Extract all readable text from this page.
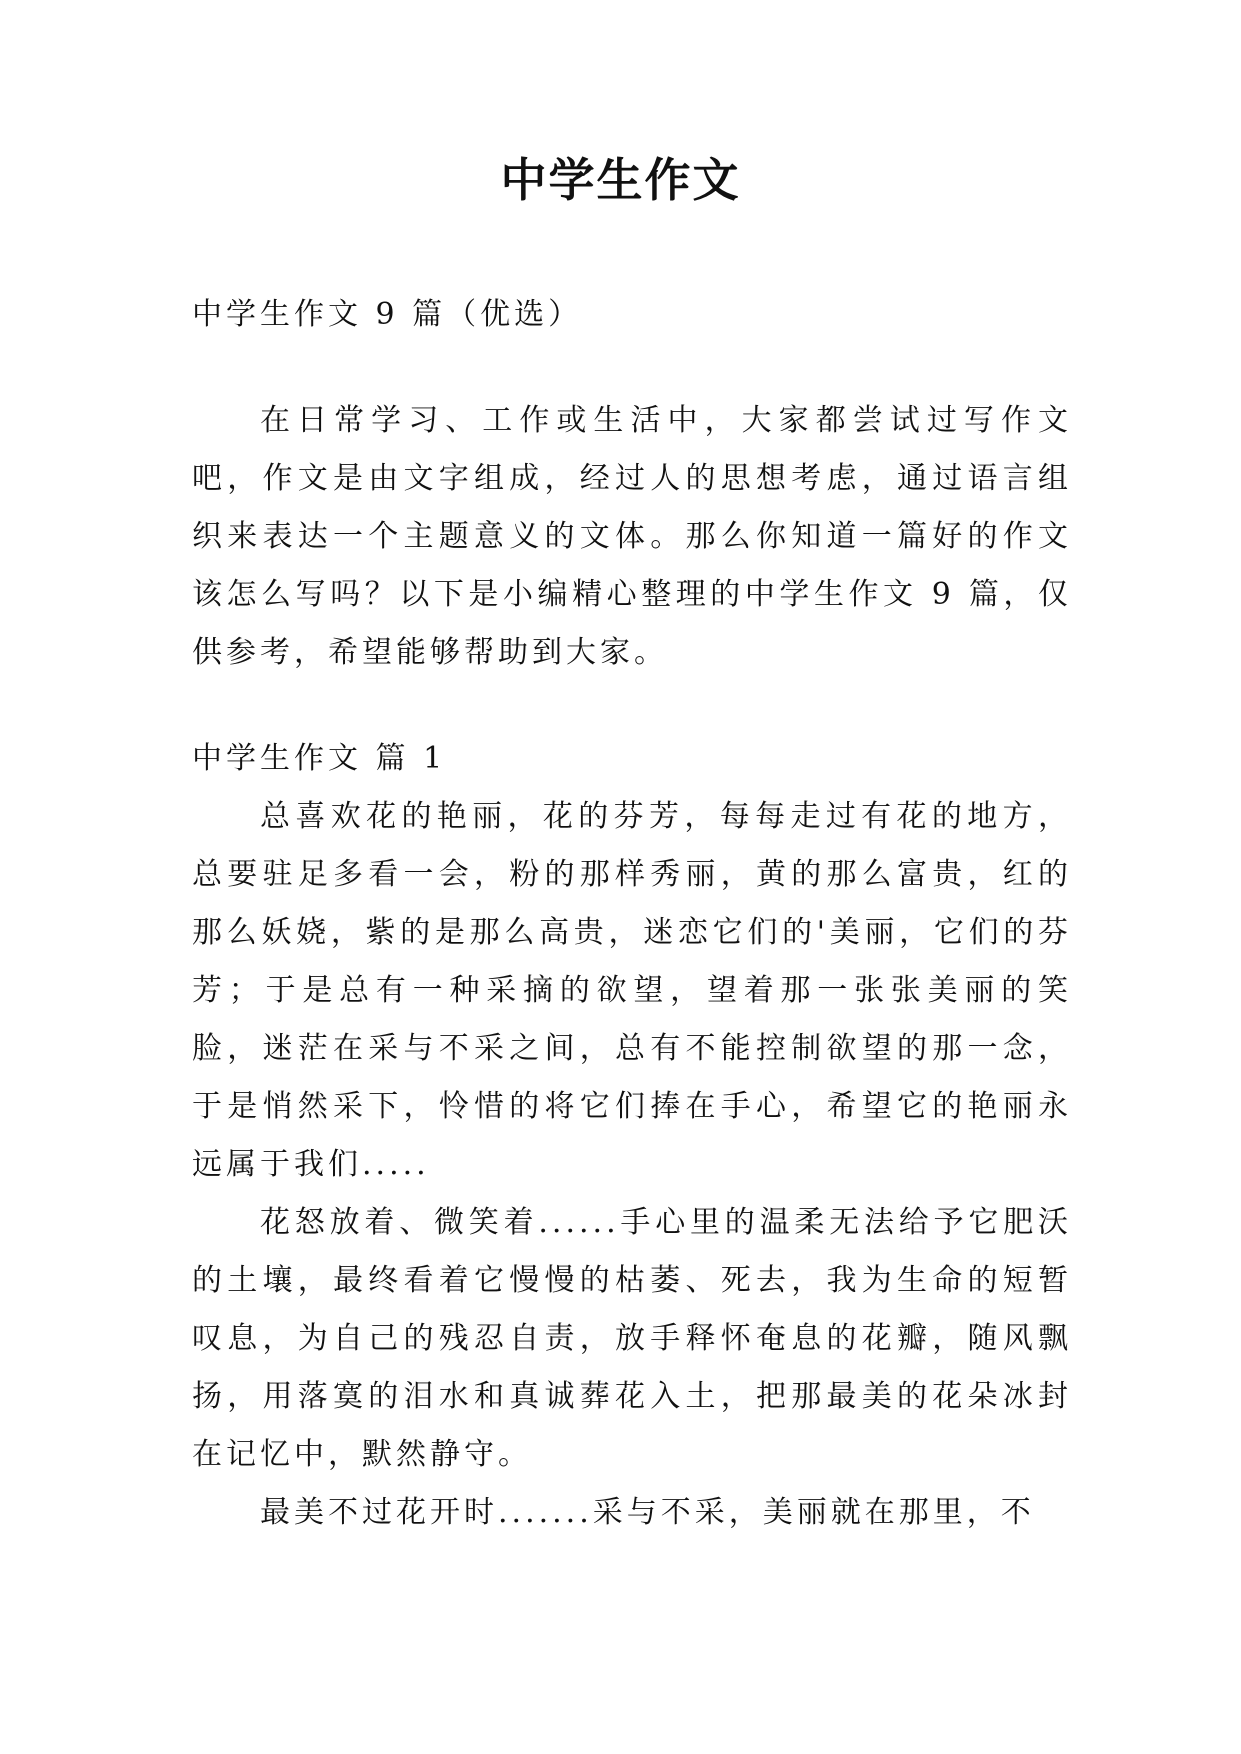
中学生作文

中学生作文 9 篇（优选）

在日常学习、工作或生活中，大家都尝试过写作文吧，作文是由文字组成，经过人的思想考虑，通过语言组织来表达一个主题意义的文体。那么你知道一篇好的作文该怎么写吗？以下是小编精心整理的中学生作文 9 篇，仅供参考，希望能够帮助到大家。

中学生作文 篇 1

总喜欢花的艳丽，花的芬芳，每每走过有花的地方，总要驻足多看一会，粉的那样秀丽，黄的那么富贵，红的那么妖娆，紫的是那么高贵，迷恋它们的'美丽，它们的芬芳；于是总有一种采摘的欲望，望着那一张张美丽的笑脸，迷茫在采与不采之间，总有不能控制欲望的那一念，于是悄然采下，怜惜的将它们捧在手心，希望它的艳丽永远属于我们.....

花怒放着、微笑着......手心里的温柔无法给予它肥沃的土壤，最终看着它慢慢的枯萎、死去，我为生命的短暂叹息，为自己的残忍自责，放手释怀奄息的花瓣，随风飘扬，用落寞的泪水和真诚葬花入土，把那最美的花朵冰封在记忆中，默然静守。

最美不过花开时.......采与不采，美丽就在那里，不
